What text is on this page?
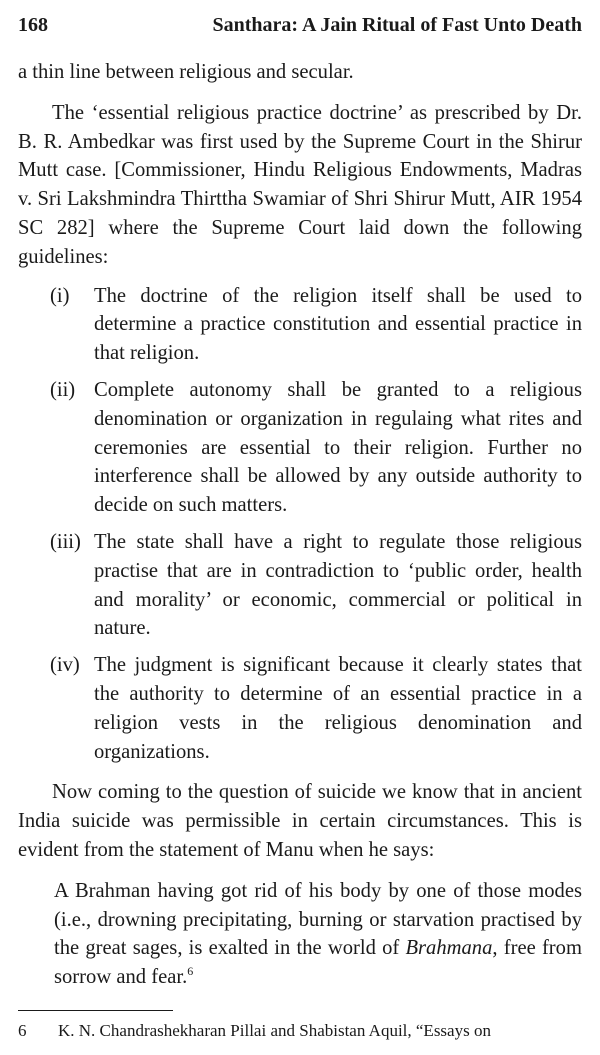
168	Santhara: A Jain Ritual of Fast Unto Death

a thin line between religious and secular.

The ‘essential religious practice doctrine’ as prescribed by Dr. B. R. Ambedkar was first used by the Supreme Court in the Shirur Mutt case. [Commissioner, Hindu Religious Endowments, Madras v. Sri Lakshmindra Thirttha Swamiar of Shri Shirur Mutt, AIR 1954 SC 282] where the Supreme Court laid down the following guidelines:

(i)	The doctrine of the religion itself shall be used to determine a practice constitution and essential practice in that religion.
(ii) Complete autonomy shall be granted to a religious denomination or organization in regulaing what rites and ceremonies are essential to their religion. Further no interference shall be allowed by any outside authority to decide on such matters.
(iii) The state shall have a right to regulate those religious practise that are in contradiction to ‘public order, health and morality’ or economic, commercial or political in nature.
(iv) The judgment is significant because it clearly states that the authority to determine of an essential practice in a religion vests in the religious denomination and organizations.

Now coming to the question of suicide we know that in ancient India suicide was permissible in certain circumstances. This is evident from the statement of Manu when he says:

A Brahman having got rid of his body by one of those modes (i.e., drowning precipitating, burning or starvation practised by the great sages, is exalted in the world of Brahmana, free from sorrow and fear.$^6$

6	K. N. Chandrashekharan Pillai and Shabistan Aquil, “Essays on
